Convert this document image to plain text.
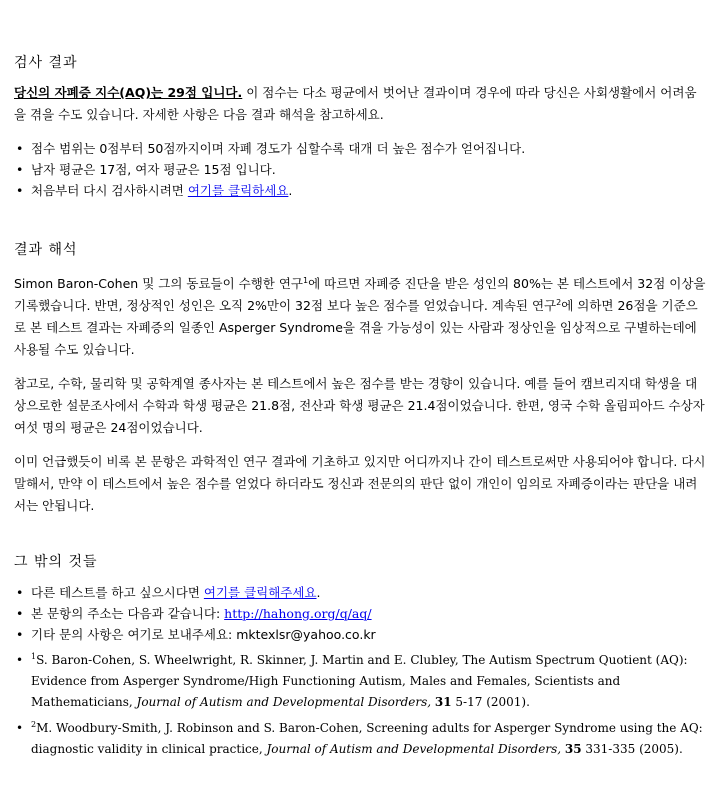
검사 결과

당신의 자폐증 지수(AQ)는 29점 입니다. 이 점수는 다소 평균에서 벗어난 결과이며 경우에 따라 당신은 사회생활에서 어려움을 겪을 수도 있습니다. 자세한 사항은 다음 결과 해석을 참고하세요.

• 점수 범위는 0점부터 50점까지이며 자폐 경도가 심할수록 대개 더 높은 점수가 얻어집니다.
• 남자 평균은 17점, 여자 평균은 15점 입니다.
• 처음부터 다시 검사하시려면 여기를 클릭하세요.
결과 해석

Simon Baron-Cohen 및 그의 동료들이 수행한 연구$^1$에 따르면 자폐증 진단을 받은 성인의 80%는 본 테스트에서 32점 이상을 기록했습니다. 반면, 정상적인 성인은 오직 2%만이 32점 보다 높은 점수를 얻었습니다. 계속된 연구$^2$에 의하면 26점을 기준으로 본 테스트 결과는 자폐증의 일종인 Asperger Syndrome을 겪을 가능성이 있는 사람과 정상인을 임상적으로 구별하는데에 사용될 수도 있습니다.

참고로, 수학, 물리학 및 공학계열 종사자는 본 테스트에서 높은 점수를 받는 경향이 있습니다. 예를 들어 캠브리지대 학생을 대상으로한 설문조사에서 수학과 학생 평균은 21.8점, 전산과 학생 평균은 21.4점이었습니다. 한편, 영국 수학 올림피아드 수상자 여섯 명의 평균은 24점이었습니다.

이미 언급했듯이 비록 본 문항은 과학적인 연구 결과에 기초하고 있지만 어디까지나 간이 테스트로써만 사용되어야 합니다. 다시 말해서, 만약 이 테스트에서 높은 점수를 얻었다 하더라도 정신과 전문의의 판단 없이 개인이 임의로 자폐증이라는 판단을 내려서는 안됩니다.

그 밖의 것들
• 다른 테스트를 하고 싶으시다면 여기를 클릭해주세요.
• 본 문항의 주소는 다음과 같습니다: http://hahong.org/q/aq/
• 기타 문의 사항은 여기로 보내주세요: mktexlsr@yahoo.co.kr
• $^1$S. Baron-Cohen, S. Wheelwright, R. Skinner, J. Martin and E. Clubley, The Autism Spectrum Quotient (AQ): Evidence from Asperger Syndrome/High Functioning Autism, Males and Females, Scientists and Mathematicians, Journal of Autism and Developmental Disorders, 31 5-17 (2001).
• $^2$M. Woodbury-Smith, J. Robinson and S. Baron-Cohen, Screening adults for Asperger Syndrome using the AQ: diagnostic validity in clinical practice, Journal of Autism and Developmental Disorders, 35 331-335 (2005).
